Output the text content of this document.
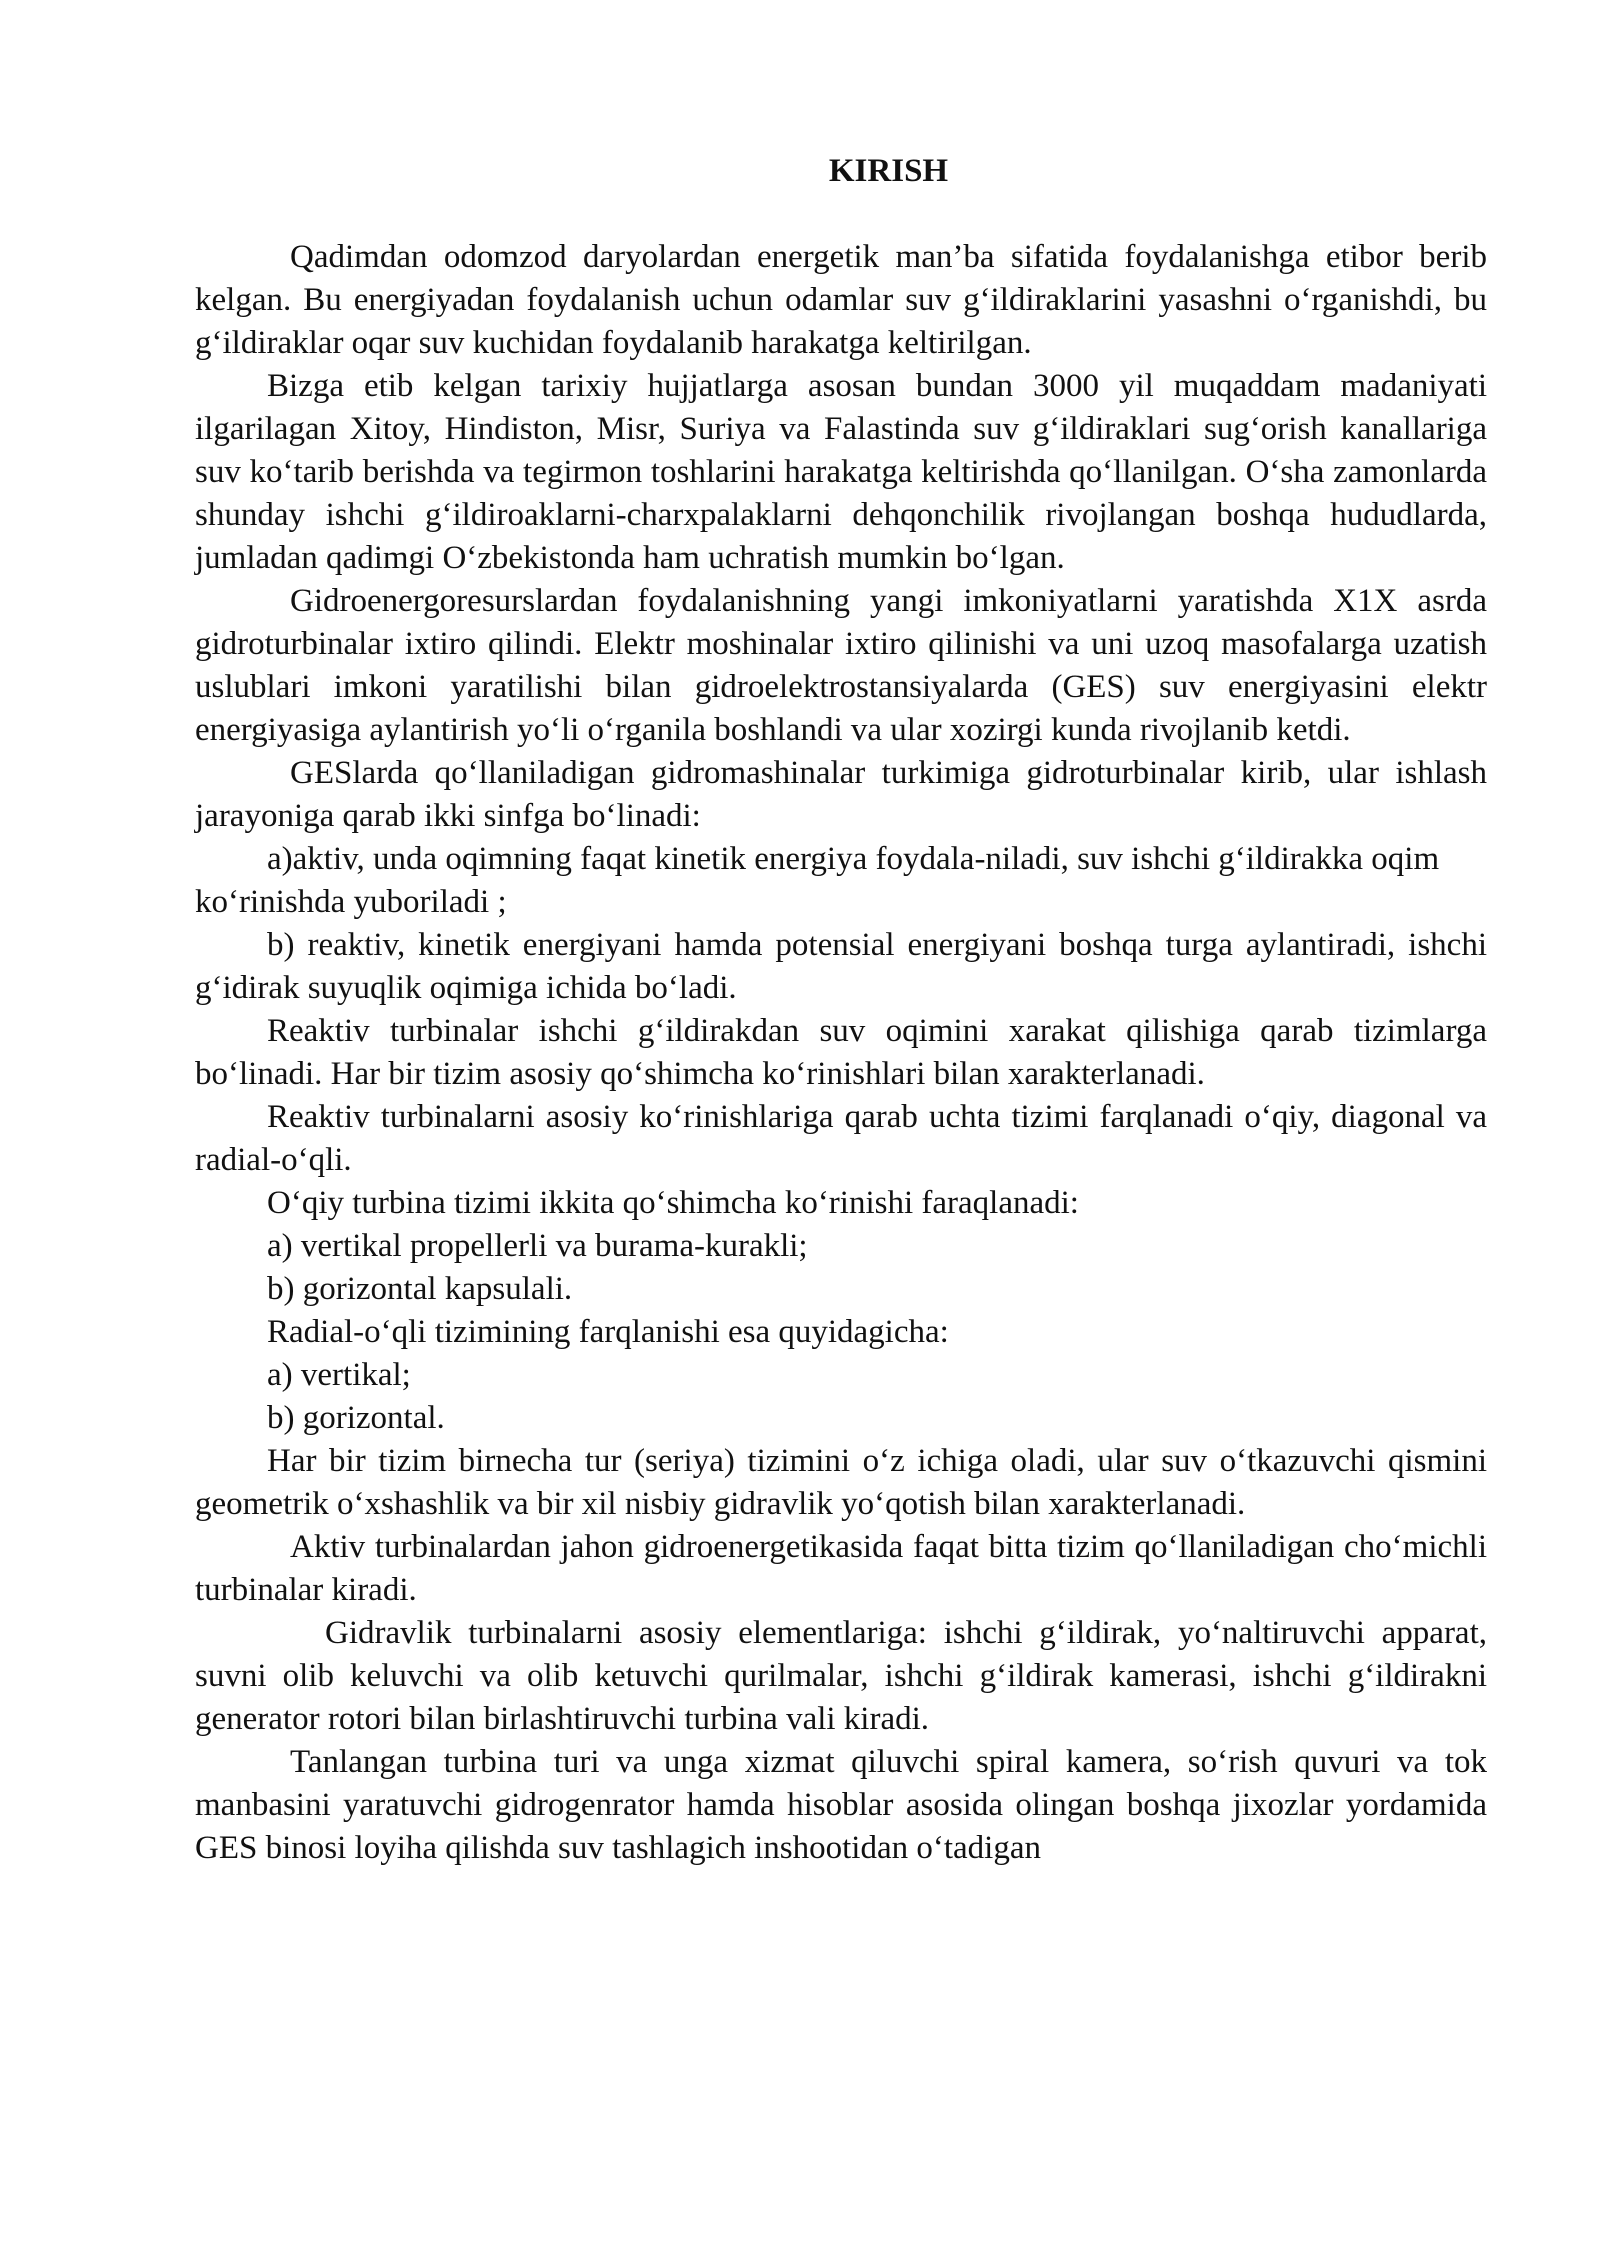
KIRISH

Qadimdan odomzod daryolardan energetik man’ba sifatida foydalanishga etibor berib kelgan. Bu energiyadan foydalanish uchun odamlar suv g‘ildiraklarini yasashni o‘rganishdi, bu g‘ildiraklar oqar suv kuchidan foydalanib harakatga keltirilgan.

Bizga etib kelgan tarixiy hujjatlarga asosan bundan 3000 yil muqaddam madaniyati ilgarilagan Xitoy, Hindiston, Misr, Suriya va Falastinda suv g‘ildiraklari sug‘orish kanallariga suv ko‘tarib berishda va tegirmon toshlarini harakatga keltirishda qo‘llanilgan. O‘sha zamonlarda shunday ishchi g‘ildiroaklarni-charxpalaklarni dehqonchilik rivojlangan boshqa hududlarda, jumladan qadimgi O‘zbekistonda ham uchratish mumkin bo‘lgan.

Gidroenergoresurslardan foydalanishning yangi imkoniyatlarni yaratishda X1X asrda gidroturbinalar ixtiro qilindi. Elektr moshinalar ixtiro qilinishi va uni uzoq masofalarga uzatish uslublari imkoni yaratilishi bilan gidroelektrostansiyalarda (GES) suv energiyasini elektr energiyasiga aylantirish yo‘li o‘rganila boshlandi va ular xozirgi kunda rivojlanib ketdi.

GESlarda qo‘llaniladigan gidromashinalar turkimiga gidroturbinalar kirib, ular ishlash jarayoniga qarab ikki sinfga bo‘linadi:

a)aktiv, unda oqimning faqat kinetik energiya foydala-niladi, suv ishchi g‘ildirakka oqim ko‘rinishda yuboriladi ;

b) reaktiv, kinetik energiyani hamda potensial energiyani boshqa turga aylantiradi, ishchi g‘idirak suyuqlik oqimiga ichida bo‘ladi.

Reaktiv turbinalar ishchi g‘ildirakdan suv oqimini xarakat qilishiga qarab tizimlarga bo‘linadi. Har bir tizim asosiy qo‘shimcha ko‘rinishlari bilan xarakterlanadi.

Reaktiv turbinalarni asosiy ko‘rinishlariga qarab uchta tizimi farqlanadi o‘qiy, diagonal va radial-o‘qli.

O‘qiy turbina tizimi ikkita qo‘shimcha ko‘rinishi faraqlanadi:

a) vertikal propellerli va burama-kurakli;

b) gorizontal kapsulali.

Radial-o‘qli tizimining farqlanishi esa quyidagicha:

a) vertikal;

b) gorizontal.

Har bir tizim birnecha tur (seriya) tizimini o‘z ichiga oladi, ular suv o‘tkazuvchi qismini geometrik o‘xshashlik va bir xil nisbiy gidravlik yo‘qotish bilan xarakterlanadi.

Aktiv turbinalardan jahon gidroenergetikasida faqat bitta tizim qo‘llaniladigan cho‘michli turbinalar kiradi.

Gidravlik turbinalarni asosiy elementlariga: ishchi g‘ildirak, yo‘naltiruvchi apparat, suvni olib keluvchi va olib ketuvchi qurilmalar, ishchi g‘ildirak kamerasi, ishchi g‘ildirakni generator rotori bilan birlashtiruvchi turbina vali kiradi.

Tanlangan turbina turi va unga xizmat qiluvchi spiral kamera, so‘rish quvuri va tok manbasini yaratuvchi gidrogenrator hamda hisoblar asosida olingan boshqa jixozlar yordamida GES binosi loyiha qilishda suv tashlagich inshootidan o‘tadigan
